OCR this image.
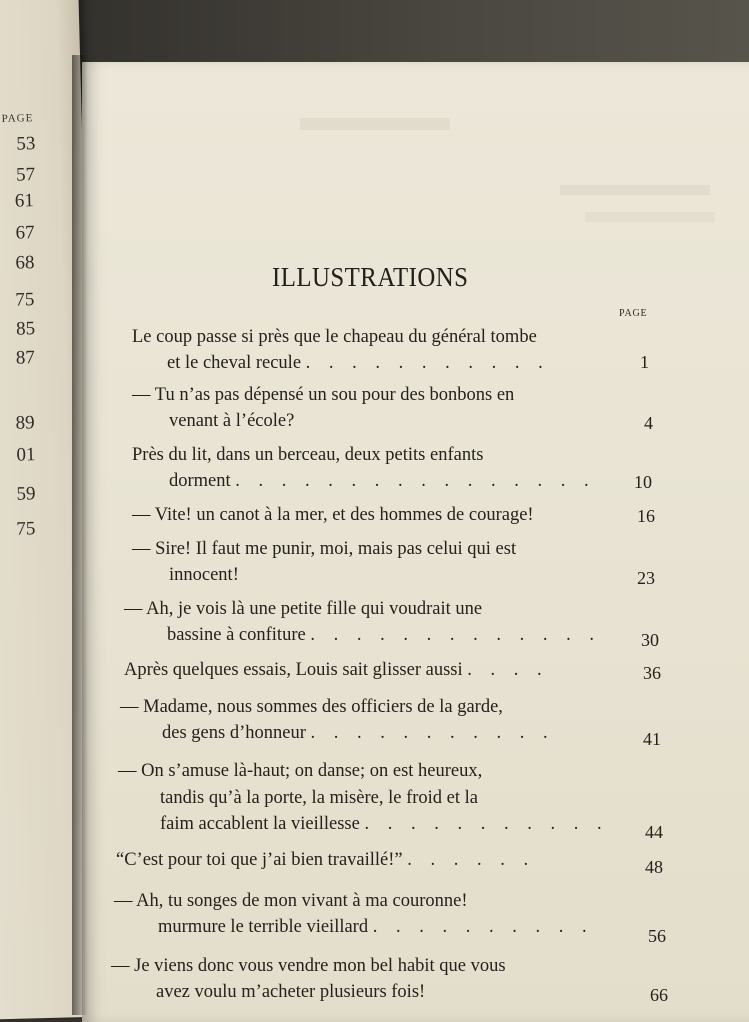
PAGE
53
57
61
67
68
75
85
87
89
01
59
75
ILLUSTRATIONS
PAGE
Le coup passe si près que le chapeau du général tombe
et le cheval recule . . . . . . . . . . .	1
— Tu n’as pas dépensé un sou pour des bonbons en
venant à l’école?	4
Près du lit, dans un berceau, deux petits enfants
dorment . . . . . . . . . . . . . . . . 10
— Vite! un canot à la mer, et des hommes de courage!	16
— Sire! Il faut me punir, moi, mais pas celui qui est
innocent!	23
— Ah, je vois là une petite fille qui voudrait une
bassine à confiture . . . . . . . . . . . . . 30
Après quelques essais, Louis sait glisser aussi . . . .	36
— Madame, nous sommes des officiers de la garde,
des gens d’honneur . . . . . . . . . . .	41
— On s’amuse là-haut; on danse; on est heureux,
tandis qu’à la porte, la misère, le froid et la
faim accablent la vieillesse . . . . . . . . . . . 44
“C’est pour toi que j’ai bien travaillé!” . . . . . .	48
— Ah, tu songes de mon vivant à ma couronne!
murmure le terrible vieillard . . . . . . . . . .	56
— Je viens donc vous vendre mon bel habit que vous
avez voulu m’acheter plusieurs fois!	66
